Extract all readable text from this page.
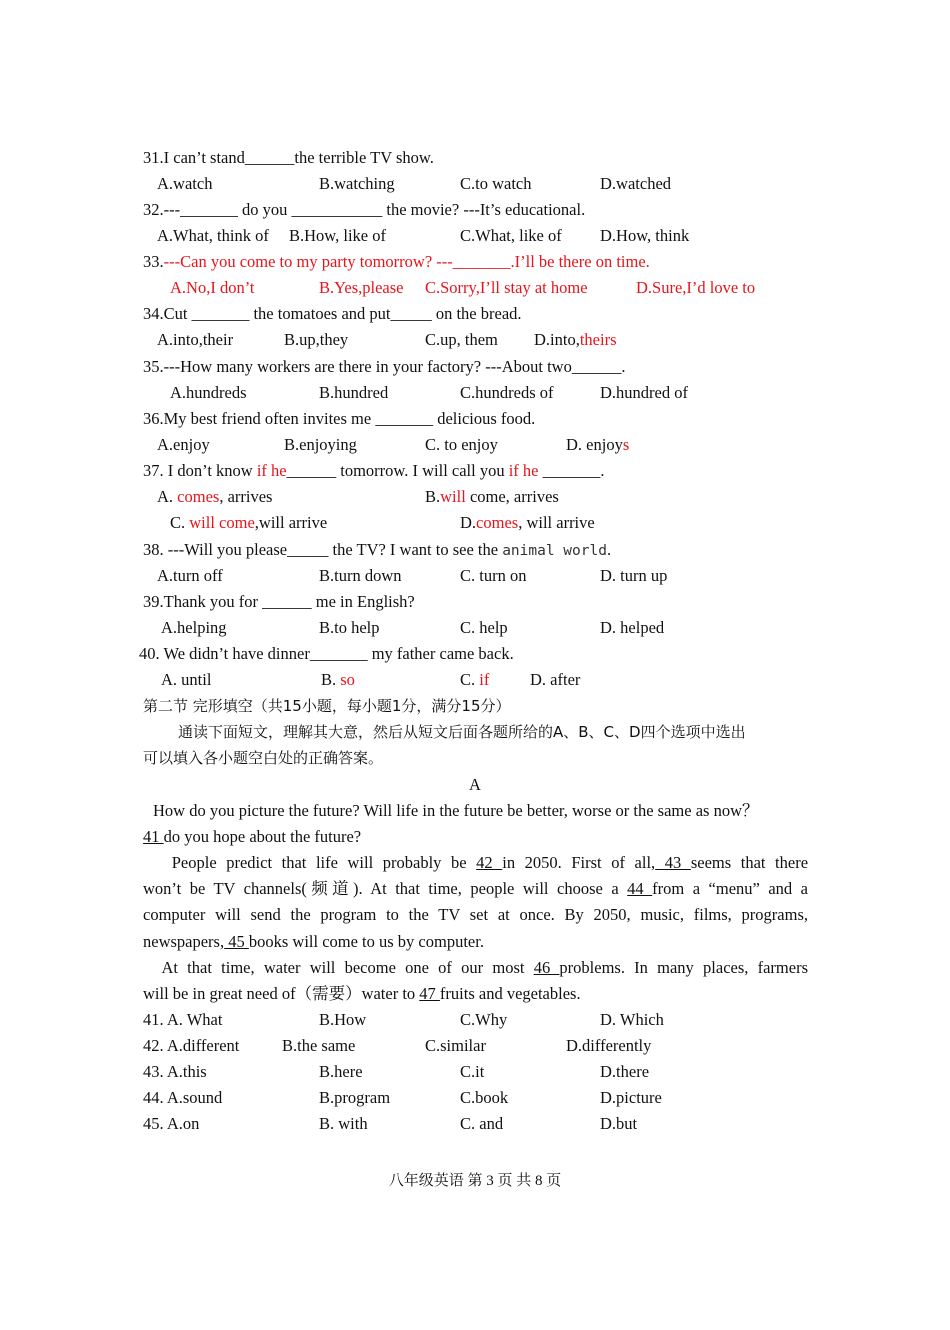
31.I can’t stand______the terrible TV show.
A.watch	B.watching	C.to watch	D.watched
32.---_______ do you ___________ the movie? ---It’s educational.
A.What, think of B.How, like of	C.What, like of D.How, think
33.---Can you come to my party tomorrow? ---_______.I’ll be there on time.
A.No,I don’t	B.Yes,please C.Sorry,I’ll stay at home	D.Sure,I’d love to
34.Cut _______ the tomatoes and put_____ on the bread.
A.into,their	B.up,they	C.up, them D.into,theirs
35.---How many workers are there in your factory? ---About two______.
A.hundreds	B.hundred	C.hundreds of	D.hundred of
36.My best friend often invites me _______ delicious food.
A.enjoy	B.enjoying	C. to enjoy	D. enjoys
37. I don’t know if he______ tomorrow. I will call you if he _______.
A. comes, arrives	B.will come, arrives
C. will come,will arrive	D.comes, will arrive
38. ---Will you please_____ the TV? I want to see the animal world.
A.turn off	B.turn down	C. turn on	D. turn up
39.Thank you for ______ me in English?
A.helping	B.to help	C. help	D. helped
40. We didn’t have dinner_______ my father came back.
A. until	B. so	C. if D. after
第二节 完形填空（共15小题，每小题1分，满分15分）
通读下面短文，理解其大意，然后从短文后面各题所给的A、B、C、D四个选项中选出
可以填入各小题空白处的正确答案。
A
How do you picture the future? Will life in the future be better, worse or the same as now？
41 do you hope about the future?
People predict that life will probably be 42 in 2050. First of all, 43 seems that there
won’t be TV channels(频道). At that time, people will choose a 44 from a “menu” and a
computer will send the program to the TV set at once. By 2050, music, films, programs,
newspapers, 45 books will come to us by computer.
At that time, water will become one of our most 46 problems. In many places, farmers
will be in great need of（需要）water to 47 fruits and vegetables.
41. A. What	B.How	C.Why	D. Which
42. A.different	B.the same	C.similar	D.differently
43. A.this	B.here	C.it	D.there
44. A.sound	B.program	C.book	D.picture
45. A.on	B. with	C. and	D.but
八年级英语 第 3 页 共 8 页
